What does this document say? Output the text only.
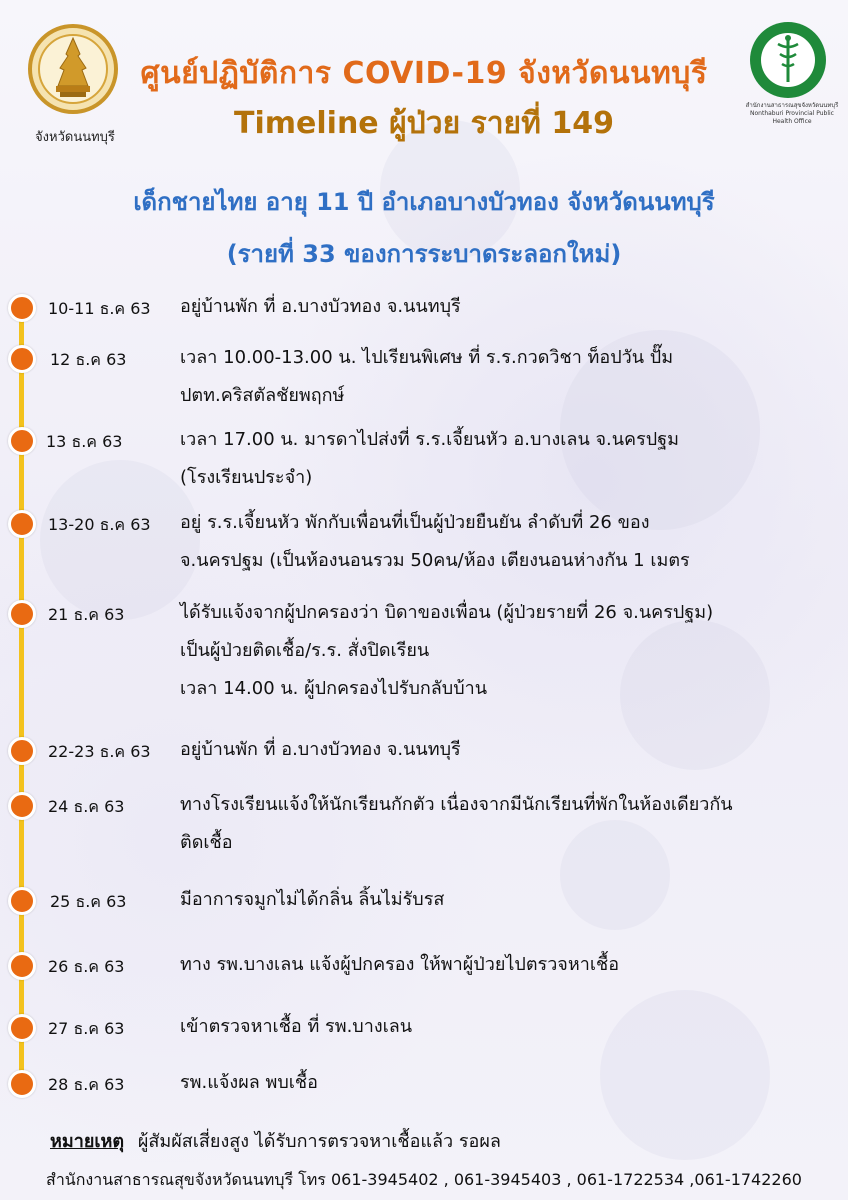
จังหวัดนนทบุรี
สำนักงานสาธารณสุขจังหวัดนนทบุรี
Nonthaburi Provincial Public Health Office
ศูนย์ปฏิบัติการ COVID-19 จังหวัดนนทบุรี
Timeline ผู้ป่วย รายที่ 149
เด็กชายไทย อายุ 11 ปี อำเภอบางบัวทอง จังหวัดนนทบุรี
(รายที่ 33 ของการระบาดระลอกใหม่)
10-11 ธ.ค 63 อยู่บ้านพัก ที่ อ.บางบัวทอง จ.นนทบุรี
12 ธ.ค 63	เวลา 10.00-13.00 น. ไปเรียนพิเศษ ที่ ร.ร.กวดวิชา ท็อปวัน ปั๊ม
ปตท.คริสตัลชัยพฤกษ์
13 ธ.ค 63	เวลา 17.00 น. มารดาไปส่งที่ ร.ร.เจี้ยนหัว อ.บางเลน จ.นครปฐม
(โรงเรียนประจำ)
13-20 ธ.ค 63 อยู่ ร.ร.เจี้ยนหัว พักกับเพื่อนที่เป็นผู้ป่วยยืนยัน ลำดับที่ 26 ของ
จ.นครปฐม (เป็นห้องนอนรวม 50คน/ห้อง เตียงนอนห่างกัน 1 เมตร
21 ธ.ค 63	ได้รับแจ้งจากผู้ปกครองว่า บิดาของเพื่อน (ผู้ป่วยรายที่ 26 จ.นครปฐม)
เป็นผู้ป่วยติดเชื้อ/ร.ร. สั่งปิดเรียน
เวลา 14.00 น. ผู้ปกครองไปรับกลับบ้าน
22-23 ธ.ค 63 อยู่บ้านพัก ที่ อ.บางบัวทอง จ.นนทบุรี
24 ธ.ค 63	ทางโรงเรียนแจ้งให้นักเรียนกักตัว เนื่องจากมีนักเรียนที่พักในห้องเดียวกัน
ติดเชื้อ
25 ธ.ค 63	มีอาการจมูกไม่ได้กลิ่น ลิ้นไม่รับรส
26 ธ.ค 63	ทาง รพ.บางเลน แจ้งผู้ปกครอง ให้พาผู้ป่วยไปตรวจหาเชื้อ
27 ธ.ค 63	เข้าตรวจหาเชื้อ ที่ รพ.บางเลน
28 ธ.ค 63	รพ.แจ้งผล พบเชื้อ
หมายเหตุ ผู้สัมผัสเสี่ยงสูง ได้รับการตรวจหาเชื้อแล้ว รอผล
สำนักงานสาธารณสุขจังหวัดนนทบุรี โทร 061-3945402 , 061-3945403 , 061-1722534 ,061-1742260
